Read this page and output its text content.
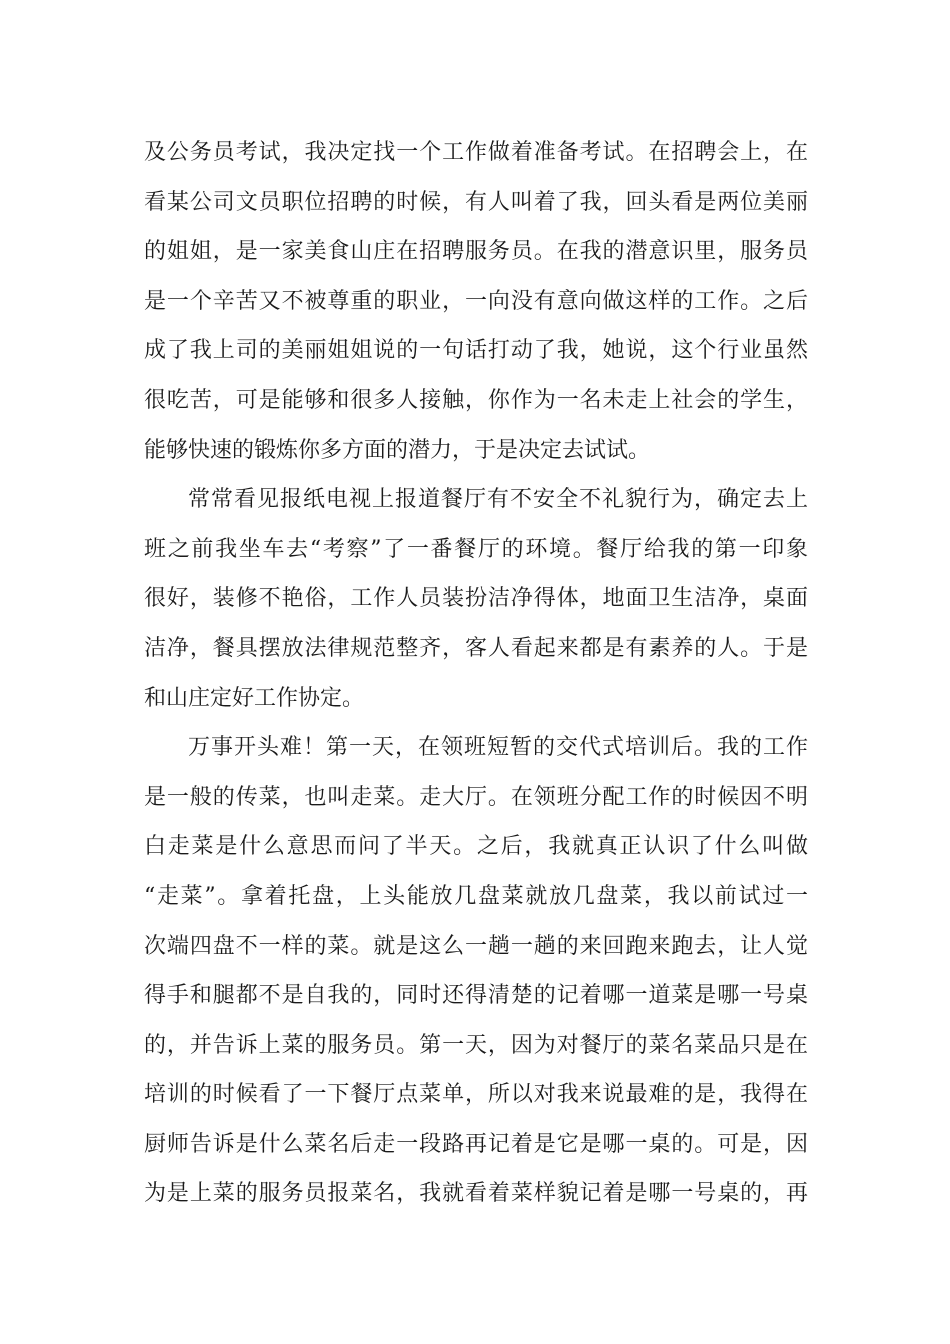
及公务员考试，我决定找一个工作做着准备考试。在招聘会上，在
看某公司文员职位招聘的时候，有人叫着了我，回头看是两位美丽
的姐姐，是一家美食山庄在招聘服务员。在我的潜意识里，服务员
是一个辛苦又不被尊重的职业，一向没有意向做这样的工作。之后
成了我上司的美丽姐姐说的一句话打动了我，她说，这个行业虽然
很吃苦，可是能够和很多人接触，你作为一名未走上社会的学生，
能够快速的锻炼你多方面的潜力，于是决定去试试。
常常看见报纸电视上报道餐厅有不安全不礼貌行为，确定去上
班之前我坐车去“考察”了一番餐厅的环境。餐厅给我的第一印象
很好，装修不艳俗，工作人员装扮洁净得体，地面卫生洁净，桌面
洁净，餐具摆放法律规范整齐，客人看起来都是有素养的人。于是
和山庄定好工作协定。
万事开头难！第一天，在领班短暂的交代式培训后。我的工作
是一般的传菜，也叫走菜。走大厅。在领班分配工作的时候因不明
白走菜是什么意思而问了半天。之后，我就真正认识了什么叫做
“走菜”。拿着托盘，上头能放几盘菜就放几盘菜，我以前试过一
次端四盘不一样的菜。就是这么一趟一趟的来回跑来跑去，让人觉
得手和腿都不是自我的，同时还得清楚的记着哪一道菜是哪一号桌
的，并告诉上菜的服务员。第一天，因为对餐厅的菜名菜品只是在
培训的时候看了一下餐厅点菜单，所以对我来说最难的是，我得在
厨师告诉是什么菜名后走一段路再记着是它是哪一桌的。可是，因
为是上菜的服务员报菜名，我就看着菜样貌记着是哪一号桌的，再
